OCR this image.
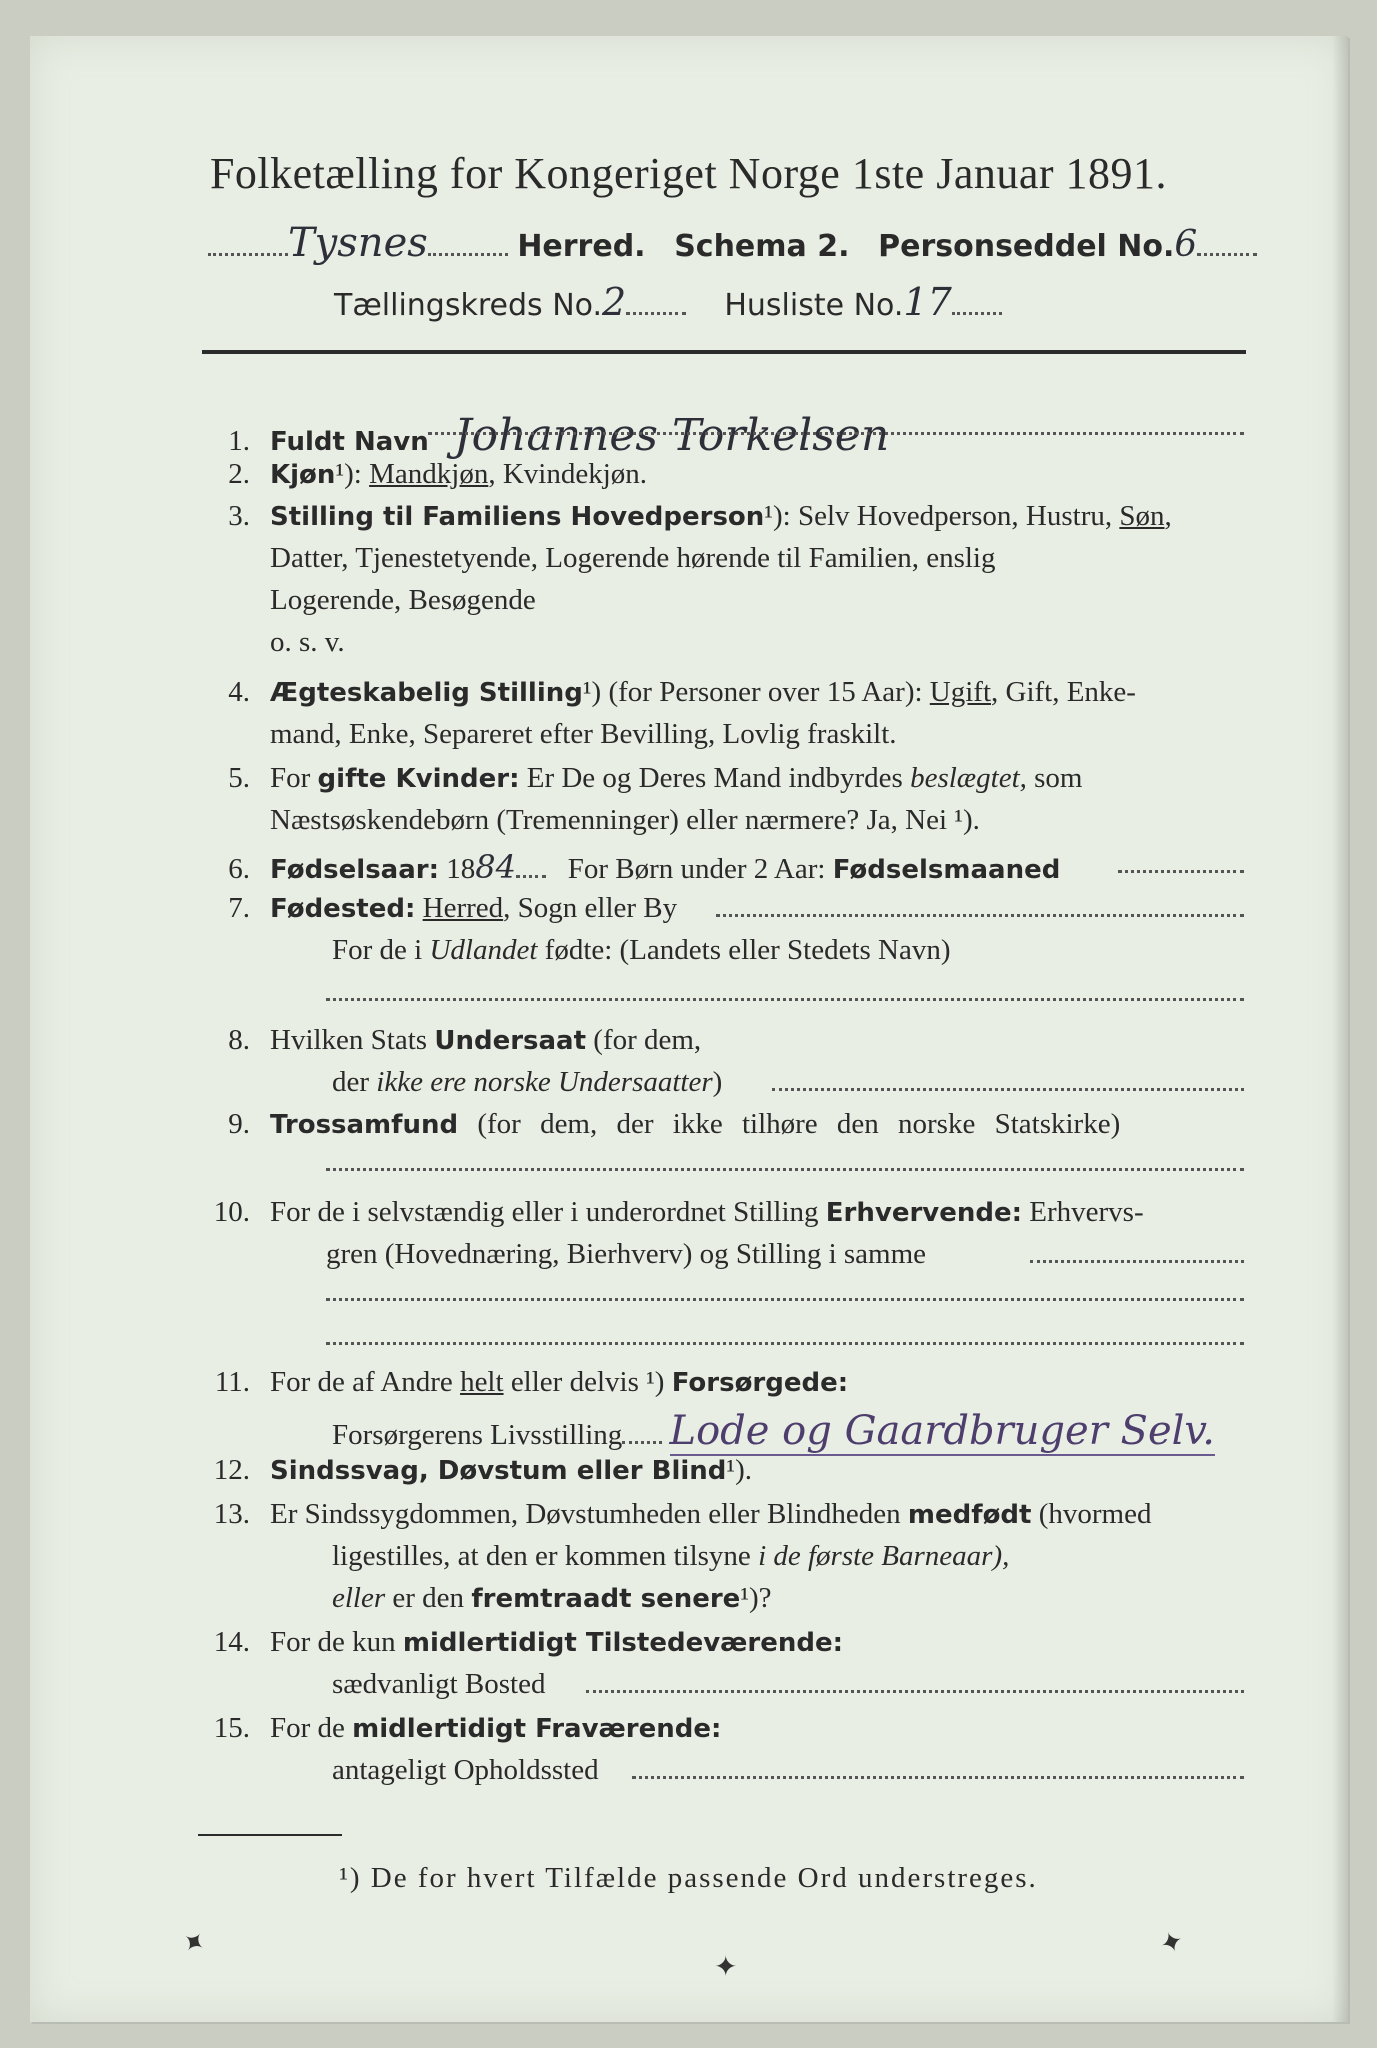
Folketælling for Kongeriget Norge 1ste Januar 1891.
Tysnes	Herred. Schema 2. Personseddel No.6
Tællingskreds No.2	Husliste No.17
1. Fuldt Navn Johannes Torkelsen
2. Kjøn¹): Mandkjøn, Kvindekjøn.
3. Stilling til Familiens Hovedperson¹): Selv Hovedperson, Hustru, Søn,
Datter, Tjenestetyende, Logerende hørende til Familien, enslig
Logerende, Besøgende
o. s. v.
4. Ægteskabelig Stilling¹) (for Personer over 15 Aar): Ugift, Gift, Enke-
mand, Enke, Separeret efter Bevilling, Lovlig fraskilt.
5. For gifte Kvinder: Er De og Deres Mand indbyrdes beslægtet, som
Næstsøskendebørn (Tremenninger) eller nærmere? Ja, Nei ¹).
6. Fødselsaar: 1884 For Børn under 2 Aar: Fødselsmaaned
7. Fødested: Herred, Sogn eller By
For de i Udlandet fødte: (Landets eller Stedets Navn)
8. Hvilken Stats Undersaat (for dem,
der ikke ere norske Undersaatter)
9. Trossamfund (for dem, der ikke tilhøre den norske Statskirke)
10. For de i selvstændig eller i underordnet Stilling Erhvervende: Erhvervs-
gren (Hovednæring, Bierhverv) og Stilling i samme
11. For de af Andre helt eller delvis ¹) Forsørgede:
Forsørgerens Livsstilling Lode og Gaardbruger Selv.
12. Sindssvag, Døvstum eller Blind¹).
13. Er Sindssygdommen, Døvstumheden eller Blindheden medfødt (hvormed
ligestilles, at den er kommen tilsyne i de første Barneaar),
eller er den fremtraadt senere¹)?
14. For de kun midlertidigt Tilstedeværende:
sædvanligt Bosted
15. For de midlertidigt Fraværende:
antageligt Opholdssted
¹) De for hvert Tilfælde passende Ord understreges.
✦
✦
✦
